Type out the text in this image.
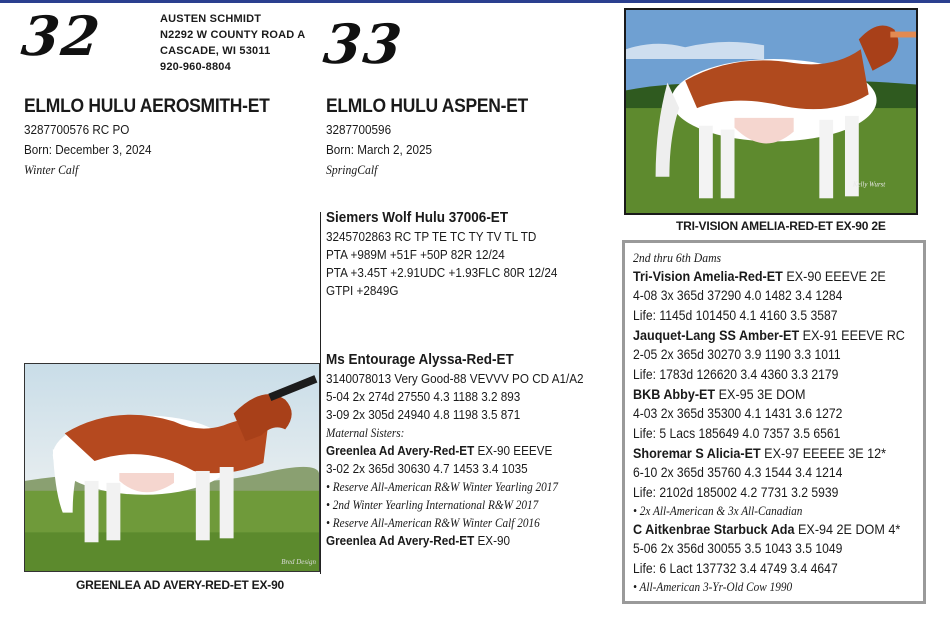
32	AUSTEN SCHMIDT
N2292 W COUNTY ROAD A
CASCADE, WI 53011
920-960-8804
ELMLO HULU AEROSMITH-ET
3287700576 RC PO
Born: December 3, 2024
Winter Calf
33
ELMLO HULU ASPEN-ET
3287700596
Born: March 2, 2025
SpringCalf
Siemers Wolf Hulu 37006-ET
3245702863 RC TP TE TC TY TV TL TD
PTA +989M +51F +50P 82R 12/24
PTA +3.45T +2.91UDC +1.93FLC 80R 12/24
GTPI +2849G
Ms Entourage Alyssa-Red-ET
3140078013 Very Good-88 VEVVV PO CD A1/A2
5-04 2x 274d 27550 4.3 1188 3.2 893
3-09 2x 305d 24940 4.8 1198 3.5 871
Maternal Sisters:
Greenlea Ad Avery-Red-ET EX-90 EEEVE
3-02 2x 365d 30630 4.7 1453 3.4 1035
• Reserve All-American R&W Winter Yearling 2017
• 2nd Winter Yearling International R&W 2017
• Reserve All-American R&W Winter Calf 2016
Greenlea Ad Avery-Red-ET EX-90
Bred Design
GREENLEA AD AVERY-RED-ET EX-90
Kelly Wurst
TRI-VISION AMELIA-RED-ET EX-90 2E
2nd thru 6th Dams
Tri-Vision Amelia-Red-ET EX-90 EEEVE 2E
4-08 3x 365d 37290 4.0 1482 3.4 1284
Life: 1145d 101450 4.1 4160 3.5 3587
Jauquet-Lang SS Amber-ET EX-91 EEEVE RC
2-05 2x 365d 30270 3.9 1190 3.3 1011
Life: 1783d 126620 3.4 4360 3.3 2179
BKB Abby-ET EX-95 3E DOM
4-03 2x 365d 35300 4.1 1431 3.6 1272
Life: 5 Lacs 185649 4.0 7357 3.5 6561
Shoremar S Alicia-ET EX-97 EEEEE 3E 12*
6-10 2x 365d 35760 4.3 1544 3.4 1214
Life: 2102d 185002 4.2 7731 3.2 5939
• 2x All-American & 3x All-Canadian
C Aitkenbrae Starbuck Ada EX-94 2E DOM 4*
5-06 2x 356d 30055 3.5 1043 3.5 1049
Life: 6 Lact 137732 3.4 4749 3.4 4647
• All-American 3-Yr-Old Cow 1990
